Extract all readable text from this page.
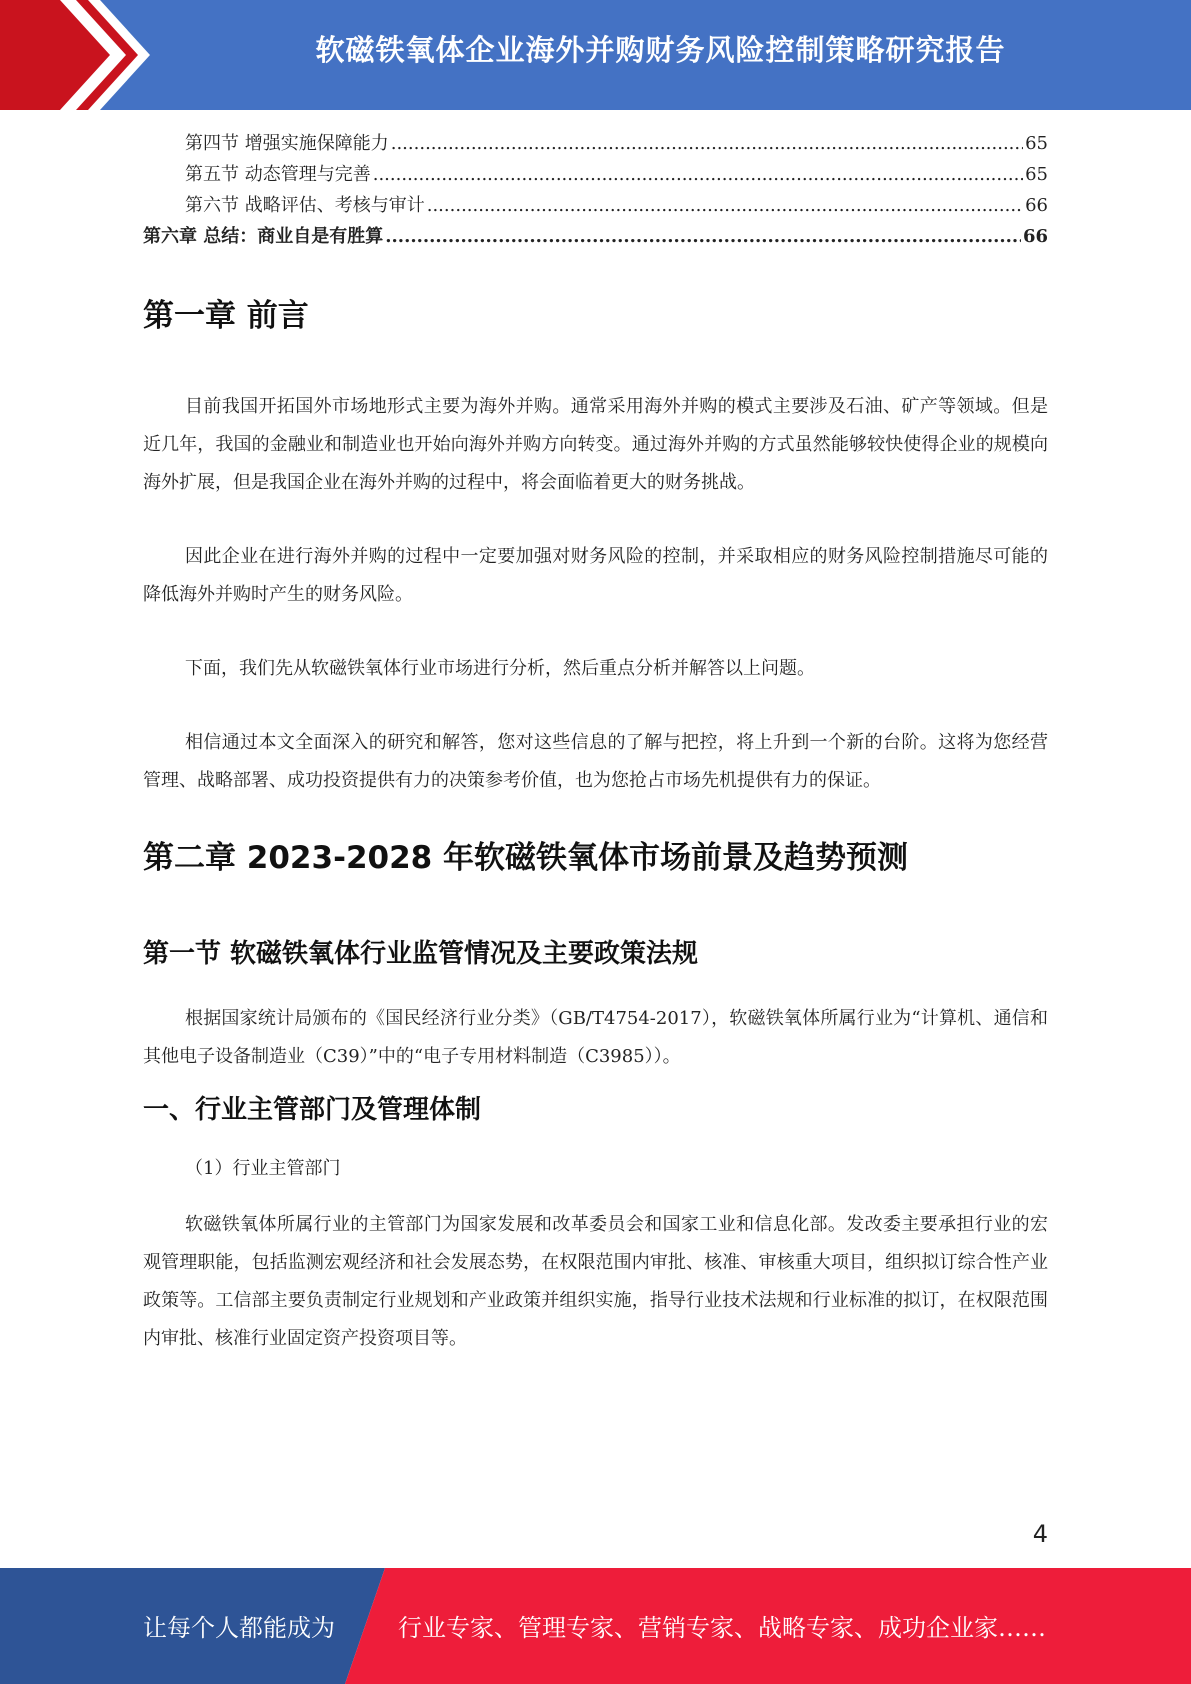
软磁铁氧体企业海外并购财务风险控制策略研究报告
第四节 增强实施保障能力 .....	65
第五节 动态管理与完善 .....	65
第六节 战略评估、考核与审计 .....	66
第六章 总结：商业自是有胜算 .....	66
第一章 前言

目前我国开拓国外市场地形式主要为海外并购。通常采用海外并购的模式主要涉及石油、矿产等领域。但是近几年，我国的金融业和制造业也开始向海外并购方向转变。通过海外并购的方式虽然能够较快使得企业的规模向海外扩展，但是我国企业在海外并购的过程中，将会面临着更大的财务挑战。

因此企业在进行海外并购的过程中一定要加强对财务风险的控制，并采取相应的财务风险控制措施尽可能的降低海外并购时产生的财务风险。

下面，我们先从软磁铁氧体行业市场进行分析，然后重点分析并解答以上问题。

相信通过本文全面深入的研究和解答，您对这些信息的了解与把控，将上升到一个新的台阶。这将为您经营管理、战略部署、成功投资提供有力的决策参考价值，也为您抢占市场先机提供有力的保证。

第二章 2023-2028 年软磁铁氧体市场前景及趋势预测
第一节 软磁铁氧体行业监管情况及主要政策法规

根据国家统计局颁布的《国民经济行业分类》（GB/T4754-2017），软磁铁氧体所属行业为“计算机、通信和其他电子设备制造业（C39）”中的“电子专用材料制造（C3985））。

一、行业主管部门及管理体制

（1）行业主管部门

软磁铁氧体所属行业的主管部门为国家发展和改革委员会和国家工业和信息化部。发改委主要承担行业的宏观管理职能，包括监测宏观经济和社会发展态势，在权限范围内审批、核准、审核重大项目，组织拟订综合性产业政策等。工信部主要负责制定行业规划和产业政策并组织实施，指导行业技术法规和行业标准的拟订，在权限范围内审批、核准行业固定资产投资项目等。

4
让每个人都能成为	行业专家、管理专家、营销专家、战略专家、成功企业家……
